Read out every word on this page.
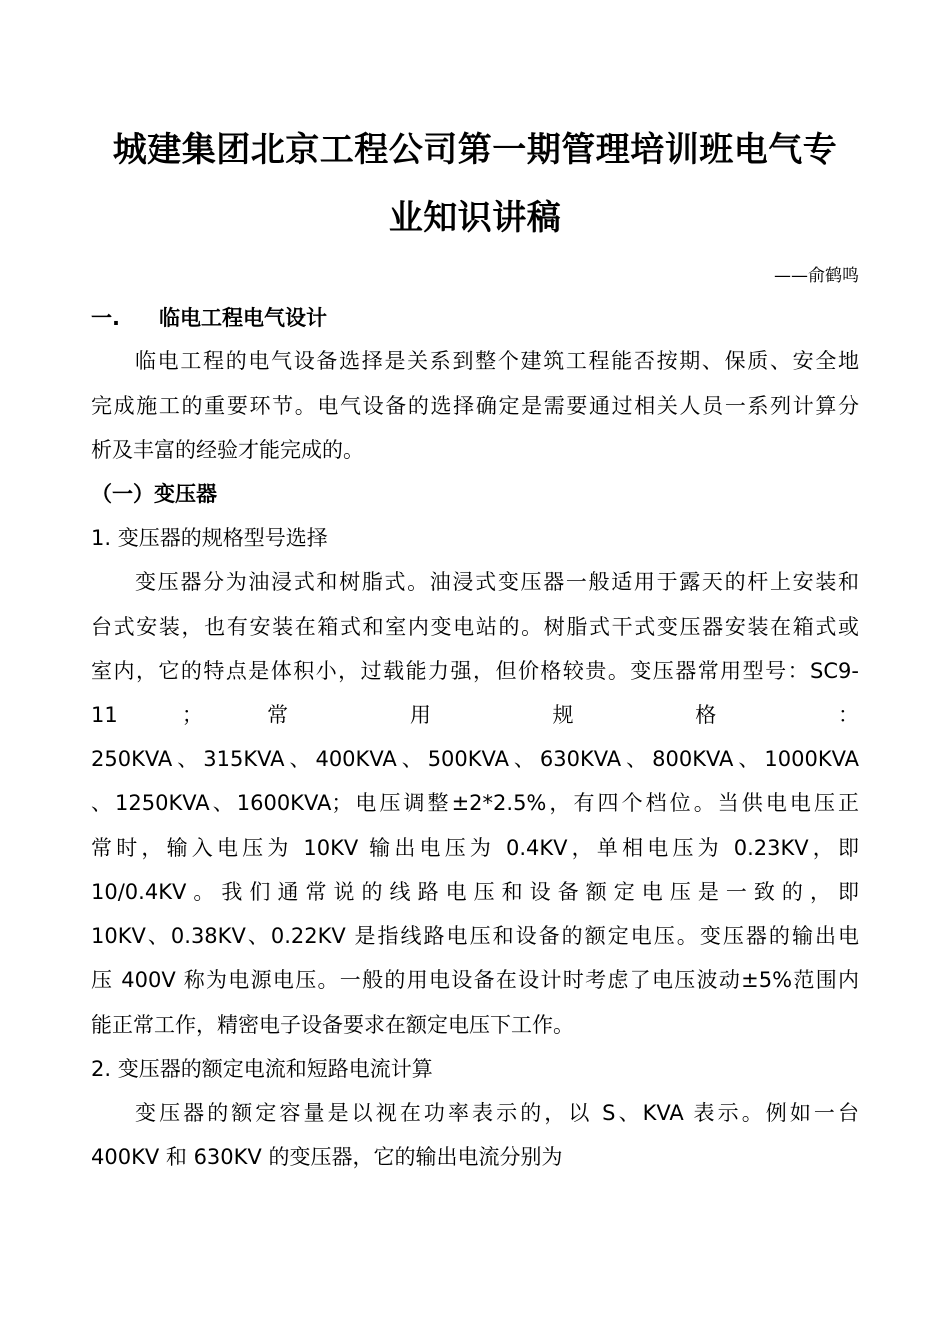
城建集团北京工程公司第一期管理培训班电气专
业知识讲稿
——俞鹤鸣
一. 临电工程电气设计
临电工程的电气设备选择是关系到整个建筑工程能否按期、保质、安全地
完成施工的重要环节。电气设备的选择确定是需要通过相关人员一系列计算分
析及丰富的经验才能完成的。
（一）变压器
1. 变压器的规格型号选择
变压器分为油浸式和树脂式。油浸式变压器一般适用于露天的杆上安装和
台式安装，也有安装在箱式和室内变电站的。树脂式干式变压器安装在箱式或
室内，它的特点是体积小，过载能力强，但价格较贵。变压器常用型号：SC9-
11 ； 常 用 规 格 ：
250KVA、315KVA、400KVA、500KVA、630KVA、800KVA、1000KVA
、1250KVA、1600KVA；电压调整±2*2.5%，有四个档位。当供电电压正
常时，输入电压为 10KV 输出电压为 0.4KV，单相电压为 0.23KV，即
10/0.4KV。我们通常说的线路电压和设备额定电压是一致的，即
10KV、0.38KV、0.22KV 是指线路电压和设备的额定电压。变压器的输出电
压 400V 称为电源电压。一般的用电设备在设计时考虑了电压波动±5%范围内
能正常工作，精密电子设备要求在额定电压下工作。
2. 变压器的额定电流和短路电流计算
变压器的额定容量是以视在功率表示的，以 S、KVA 表示。例如一台
400KV 和 630KV 的变压器，它的输出电流分别为
